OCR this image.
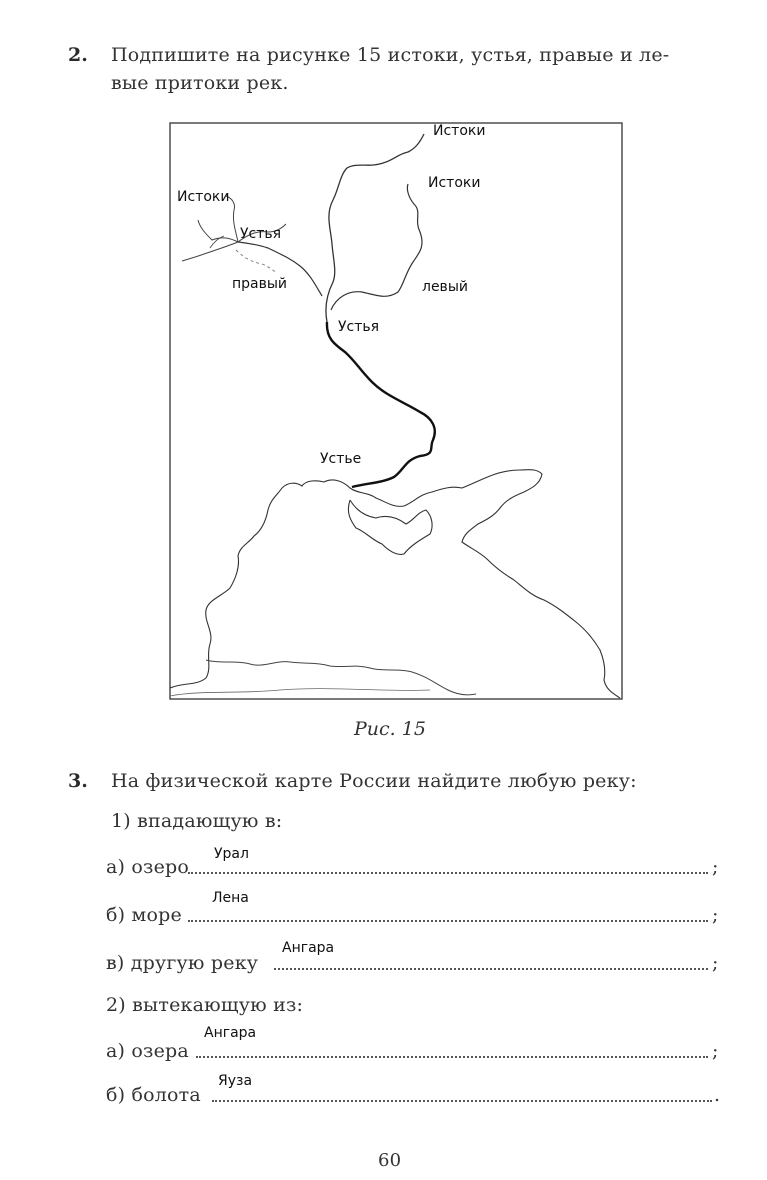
2. Подпишите на рисунке 15 истоки, устья, правые и ле-
вые притоки рек.
Истоки
Истоки
Истоки
Устья
правый	левый
Устья
Устье
Рис. 15
3. На физической карте России найдите любую реку:
1) впадающую в:
а) озеро
Урал
;
б) море
Лена
;
в) другую реку
Ангара
;
2) вытекающую из:
а) озера
Ангара
;
б) болота
Яуза
.
60
